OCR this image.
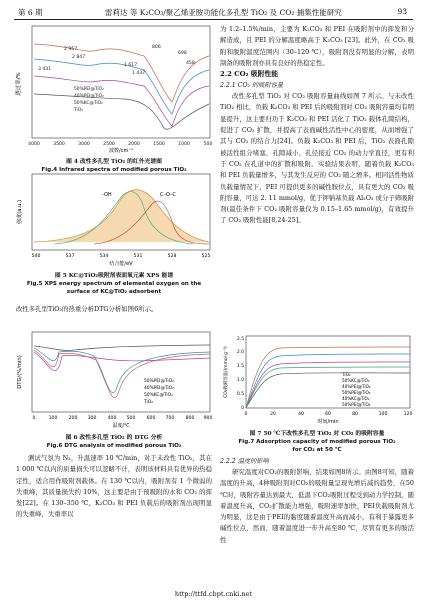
第 6 期	雷莉达 等 K₂CO₃/聚乙烯亚胺功能化多孔型 TiO₂ 及 CO₂ 捕集性能研究	93
透过率/%
3 431
2 957
2 847
1 617
1 437
806
698
458
50%PEI@TiO₂
40%PEI@TiO₂
50%KC@TiO₂
TiO₂
4000	3500	3000	2500	2000	1500	1000	500
波数/cm⁻¹
图 4 改性多孔型 TiO₂ 的红外光谱图
Fig.4 Infrared spectra of modified porous TiO₂
强度(a.u.)
-OH	C–O–C
540	537	534	531	528	525
结合能/eV
图 5 KC@TiO₂吸附剂表面氧元素 XPS 能谱
Fig.5 XPS energy spectrum of elemental oxygen on the
surface of KC@TiO₂ adsorbent

改性多孔型TiO₂的热重分析DTG分析如图6所示。

DTG/(%/min)	50%PEI@TiO₂
40%PEI@TiO₂
50%KC@TiO₂
TiO₂
0	100 200 300 400 500 600 700 800 900
温度/℃
图 6 改性多孔型 TiO₂ 的 DTG 分析
Fig.6 DTG analysis of modified porous TiO₂

测试气氛为 N₂，升温速率 10 ℃/min，对于未改性 TiO₂，其在 1 000 ℃以内的质量损失可以忽略不计，表明该材料具有优异的热稳定性，适合用作吸附剂载体。在 130 ℃以内，吸附剂有 1 个微弱的失重峰，其质量损失约 10%，这主要是由于预吸附的水和 CO₂ 的挥发[22]。在 130–350 ℃，K₂CO₃ 和 PEI 负载后的吸附剂出现明显的失重峰，失重率以

为 1.2–1.5%/min，主要为 K₂CO₃ 和 PEI 在吸附剂中的挥发和分解造成，且 PEI 的分解温度略高于 K₂CO₃ [23]。此外，在 CO₂ 吸附和脱附温度范围内（30–120 ℃），吸附剂没有明显的分解，表明制备的吸附剂亦具有良好的热稳定性。

2.2 CO₂ 吸附性能

2.2.1 CO₂ 的吸附容量

改性多孔型 TiO₂ 对 CO₂ 吸附容量曲线如图 7 所示。与未改性 TiO₂ 相比，负载 K₂CO₃ 和 PEI 后的吸附剂对 CO₂ 吸附容量均有明显提升，这主要归功于 K₂CO₃ 和 PEI 活化了 TiO₂ 载体孔隙结构，促进了 CO₂ 扩散，并提高了表面碱性活性中心的密度，从而增强了其与 CO₂ 的结合力[24]。负载 K₂CO₃ 和 PEI 后，TiO₂ 表面孔隙被活性组分堵塞，孔隙减小，孔径接近 CO₂ 的动力学直径，更有利于 CO₂ 在孔道中的扩散和吸附。实验结果表明，随着负载 K₂CO₃ 和 PEI 负载量增多，与其发生反应的 CO₂ 随之增多。相同活性物质负载量情况下，PEI 可提供更多的碱性胺位点，具有更大的 CO₂ 吸附容量，可达 2. 11 mmol/g，优于钾钠基负载 Al₂O₃ 或分子筛吸附剂(最佳条件下 CO₂ 吸附容量仅为 0.15–1.65 mmol/g)，有效提升了 CO₂ 吸附性能[8,24-25]。

CO₂吸附容量/(mmol·g⁻¹)
0
0.5
1.0
1.5
2.0
2.5
TiO₂
50%KC@TiO₂
40%PEI@TiO₂
50%PEI@TiO₂
40%KC@TiO₂
50%PEI@TiO₂
0	20	40	60	80	100	120
时间/min
图 7 50 ℃下改性多孔型 TiO₂ 对 CO₂ 的吸附容量
Fig.7 Adsorption capacity of modified porous TiO₂
for CO₂ at 50 ℃

2.2.2 温度的影响

研究温度对CO₂的吸附影响，结果如图8所示。由图8可知，随着温度的升高，4种吸附剂对CO₂的吸附量呈现先增后减的趋势，在50 ℃时，吸附容量达到最大，低温下CO₂吸附过程受到动力学控制，随着温度升高，CO₂扩散能力增强，吸附速率加快，PEI负载吸附剂尤为明显，这是由于PEI的黏度随着温度升高而减小，有利于暴露更多碱性位点，然而，随着温度进一步升高至80 ℃，尽管有更多的胺活性

http://ttfd.cbpt.cnki.net
